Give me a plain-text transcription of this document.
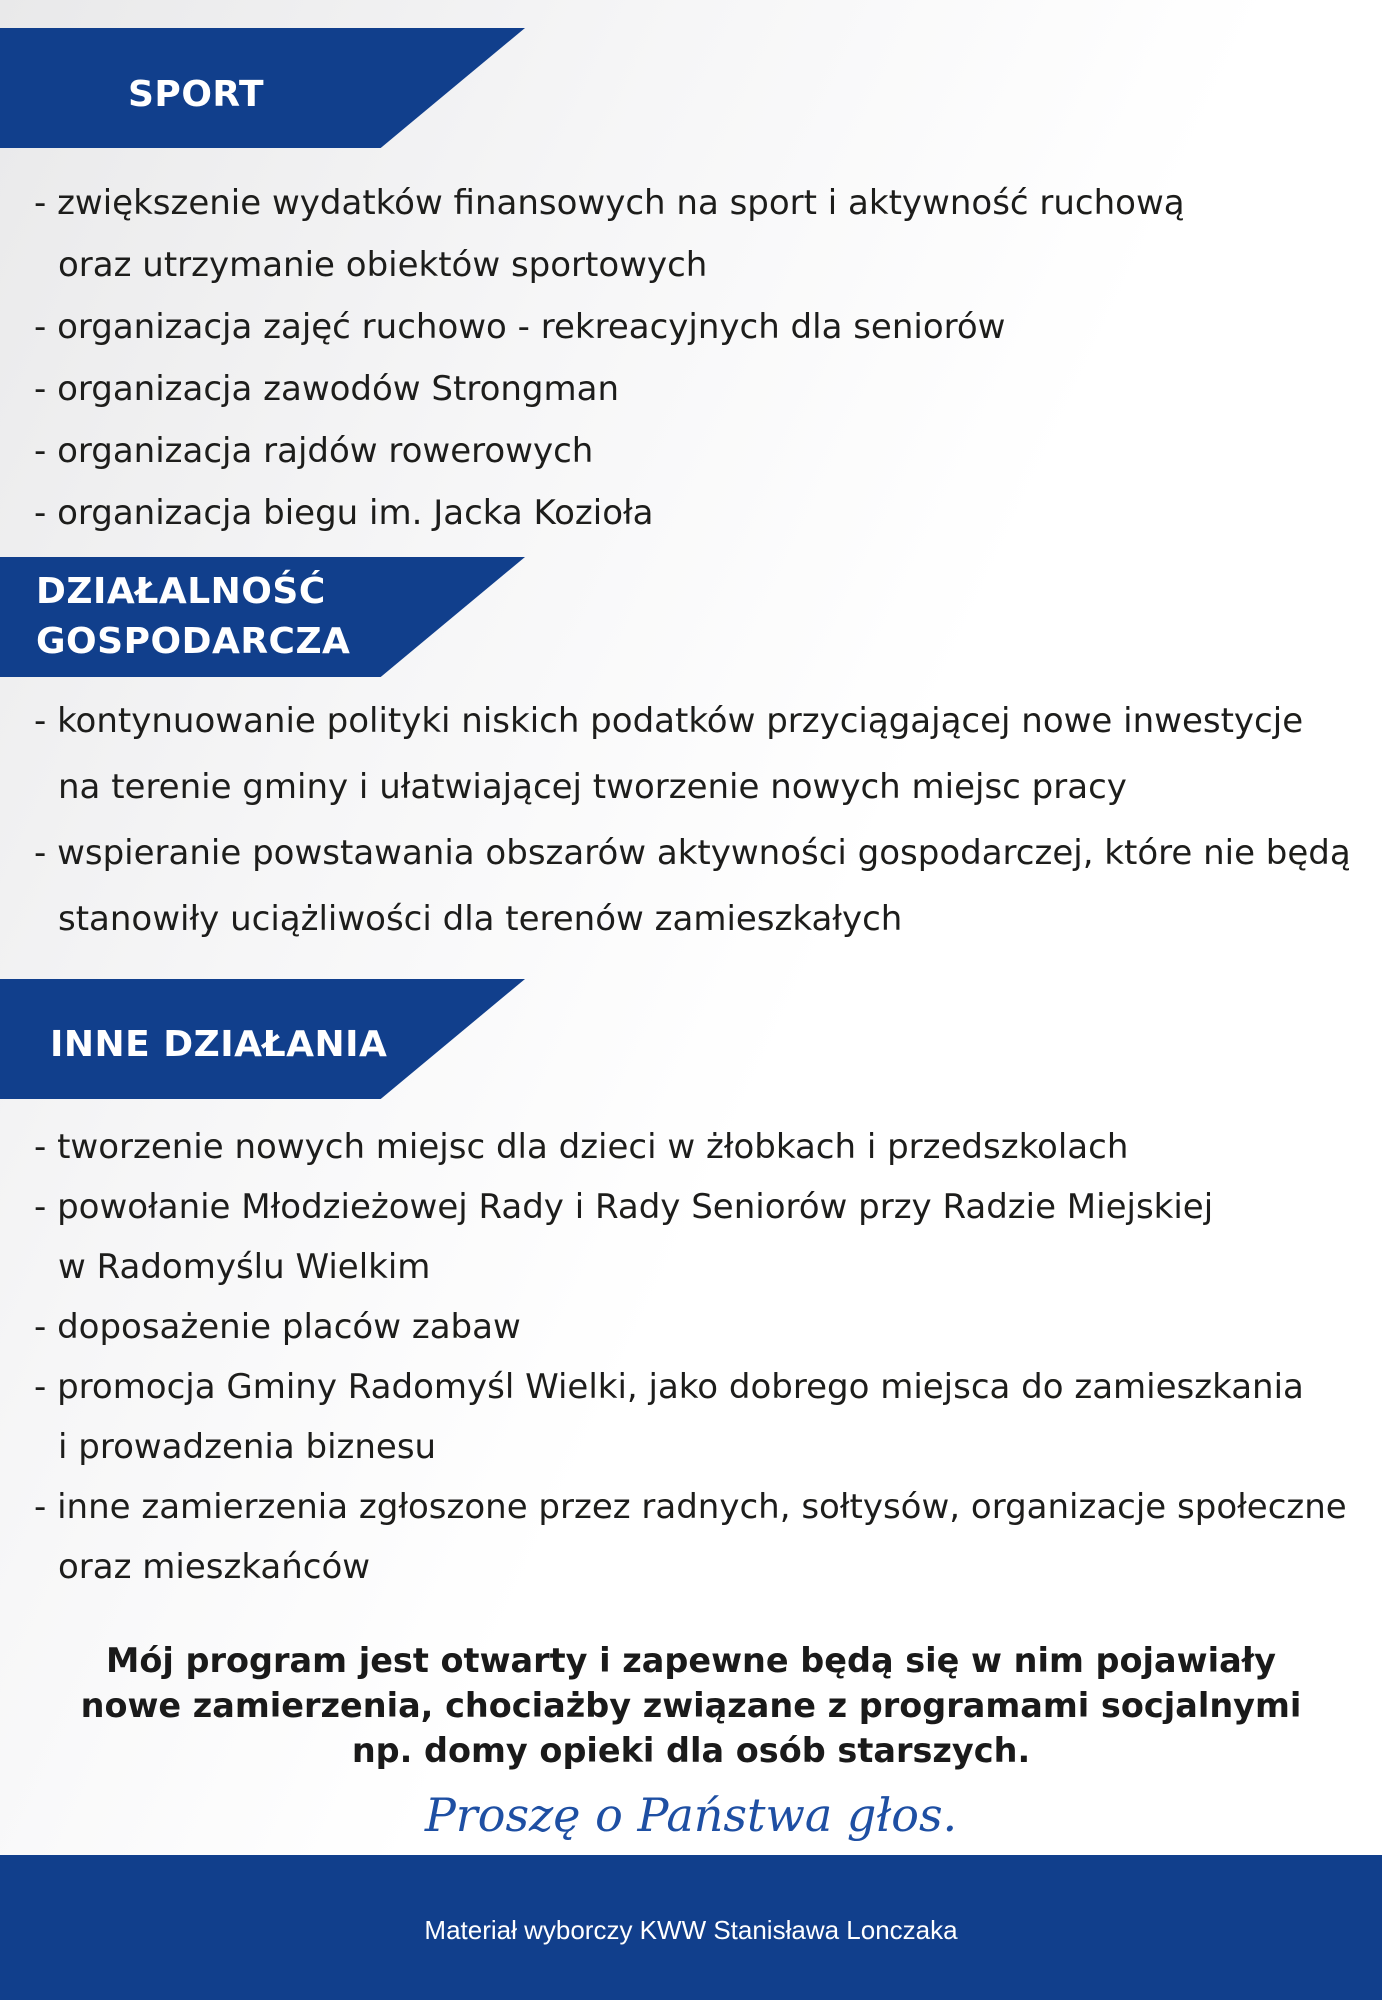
SPORT
- zwiększenie wydatków finansowych na sport i aktywność ruchową
oraz utrzymanie obiektów sportowych
- organizacja zajęć ruchowo - rekreacyjnych dla seniorów
- organizacja zawodów Strongman
- organizacja rajdów rowerowych
- organizacja biegu im. Jacka Kozioła
DZIAŁALNOŚĆ
GOSPODARCZA
- kontynuowanie polityki niskich podatków przyciągającej nowe inwestycje
na terenie gminy i ułatwiającej tworzenie nowych miejsc pracy
- wspieranie powstawania obszarów aktywności gospodarczej, które nie będą
stanowiły uciążliwości dla terenów zamieszkałych
INNE DZIAŁANIA
- tworzenie nowych miejsc dla dzieci w żłobkach i przedszkolach
- powołanie Młodzieżowej Rady i Rady Seniorów przy Radzie Miejskiej
w Radomyślu Wielkim
- doposażenie placów zabaw
- promocja Gminy Radomyśl Wielki, jako dobrego miejsca do zamieszkania
i prowadzenia biznesu
- inne zamierzenia zgłoszone przez radnych, sołtysów, organizacje społeczne
oraz mieszkańców
Mój program jest otwarty i zapewne będą się w nim pojawiały
nowe zamierzenia, chociażby związane z programami socjalnymi
np. domy opieki dla osób starszych.
Proszę o Państwa głos.
Materiał wyborczy KWW Stanisława Lonczaka
